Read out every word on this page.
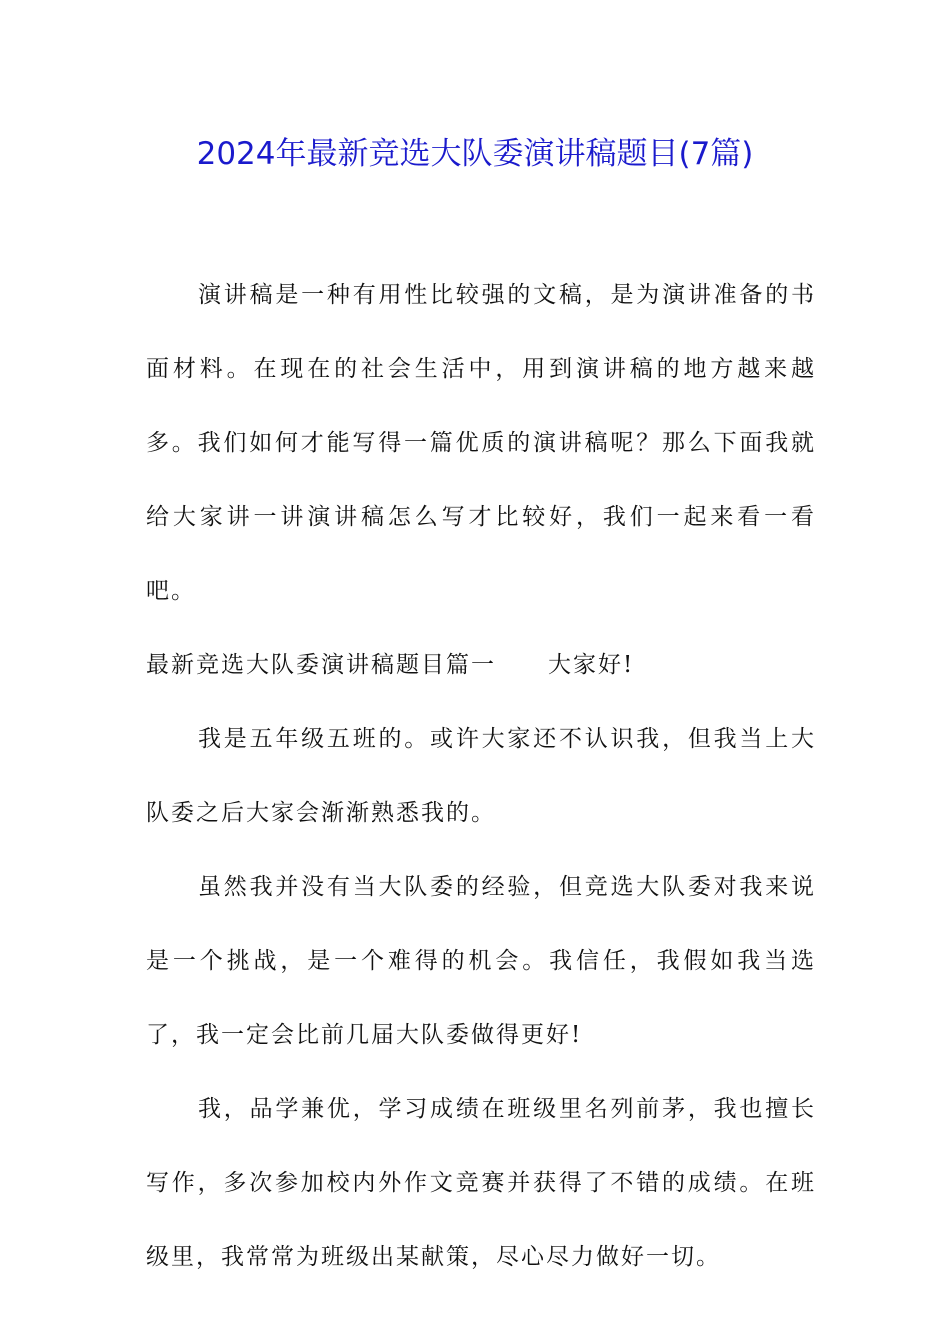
2024年最新竞选大队委演讲稿题目(7篇)

演讲稿是一种有用性比较强的文稿，是为演讲准备的书面材料。在现在的社会生活中，用到演讲稿的地方越来越多。我们如何才能写得一篇优质的演讲稿呢？那么下面我就给大家讲一讲演讲稿怎么写才比较好，我们一起来看一看吧。

最新竞选大队委演讲稿题目篇一 大家好!

我是五年级五班的。或许大家还不认识我，但我当上大队委之后大家会渐渐熟悉我的。

虽然我并没有当大队委的经验，但竞选大队委对我来说是一个挑战，是一个难得的机会。我信任，我假如我当选了，我一定会比前几届大队委做得更好!

我，品学兼优，学习成绩在班级里名列前茅，我也擅长写作，多次参加校内外作文竞赛并获得了不错的成绩。在班级里，我常常为班级出某献策，尽心尽力做好一切。
